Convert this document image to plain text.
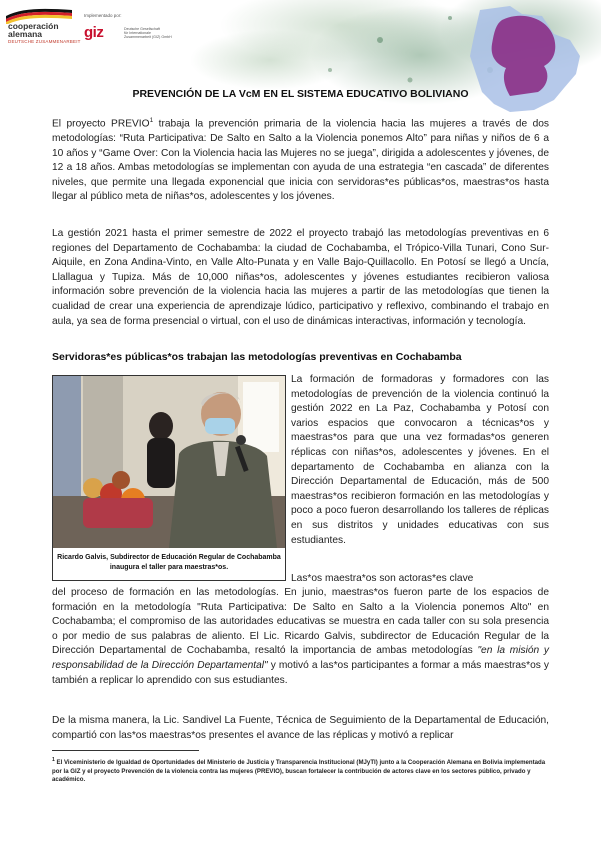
cooperación
alemana
DEUTSCHE ZUSAMMENARBEIT
Implementado por:
giz	Deutsche Gesellschaft
für Internationale
Zusammenarbeit (GIZ) GmbH
PREVENCIÓN DE LA VcM EN EL SISTEMA EDUCATIVO BOLIVIANO
El proyecto PREVIO$^1$ trabaja la prevención primaria de la violencia hacia las mujeres a través de dos metodologías: “Ruta Participativa: De Salto en Salto a la Violencia ponemos Alto” para niñas y niños de 6 a 10 años y “Game Over: Con la Violencia hacia las Mujeres no se juega”, dirigida a adolescentes y jóvenes, de 12 a 18 años. Ambas metodologías se implementan con ayuda de una estrategia “en cascada” de diferentes niveles, que permite una llegada exponencial que inicia con servidoras*es públicas*os, maestras*os hasta llegar al público meta de niñas*os, adolescentes y los jóvenes.
La gestión 2021 hasta el primer semestre de 2022 el proyecto trabajó las metodologías preventivas en 6 regiones del Departamento de Cochabamba: la ciudad de Cochabamba, el Trópico-Villa Tunari, Cono Sur-Aiquile, en Zona Andina-Vinto, en Valle Alto-Punata y en Valle Bajo-Quillacollo. En Potosí se llegó a Uncía, Llallagua y Tupiza. Más de 10,000 niñas*os, adolescentes y jóvenes estudiantes recibieron valiosa información sobre prevención de la violencia hacia las mujeres a partir de las metodologías que tienen la cualidad de crear una experiencia de aprendizaje lúdico, participativo y reflexivo, combinando el trabajo en aula, ya sea de forma presencial o virtual, con el uso de dinámicas interactivas, información y tecnología.
Servidoras*es públicas*os trabajan las metodologías preventivas en Cochabamba
Ricardo Galvis, Subdirector de Educación Regular de Cochabamba inaugura el taller para maestras*os.
La formación de formadoras y formadores con las metodologías de prevención de la violencia continuó la gestión 2022 en La Paz, Cochabamba y Potosí con varios espacios que convocaron a técnicas*os y maestras*os para que una vez formadas*os generen réplicas con niñas*os, adolescentes y jóvenes. En el departamento de Cochabamba en alianza con la Dirección Departamental de Educación, más de 500 maestras*os recibieron formación en las metodologías y poco a poco fueron desarrollando los talleres de réplicas en sus distritos y unidades educativas con sus estudiantes.
Las*os maestra*os son actoras*es clave
del proceso de formación en las metodologías. En junio, maestras*os fueron parte de los espacios de formación en la metodología "Ruta Participativa: De Salto en Salto a la Violencia ponemos Alto" en Cochabamba; el compromiso de las autoridades educativas se muestra en cada taller con su sola presencia o por medio de sus palabras de aliento. El Lic. Ricardo Galvis, subdirector de Educación Regular de la Dirección Departamental de Cochabamba, resaltó la importancia de ambas metodologías "en la misión y responsabilidad de la Dirección Departamental" y motivó a las*os participantes a formar a más maestras*os y también a replicar lo aprendido con sus estudiantes.
De la misma manera, la Lic. Sandivel La Fuente, Técnica de Seguimiento de la Departamental de Educación, compartió con las*os maestras*os presentes el avance de las réplicas y motivó a replicar
$^1$ El Viceministerio de Igualdad de Oportunidades del Ministerio de Justicia y Transparencia Institucional (MJyTI) junto a la Cooperación Alemana en Bolivia implementada por la GIZ y el proyecto Prevención de la violencia contra las mujeres (PREVIO), buscan fortalecer la contribución de actores clave en los sectores público, privado y académico.
